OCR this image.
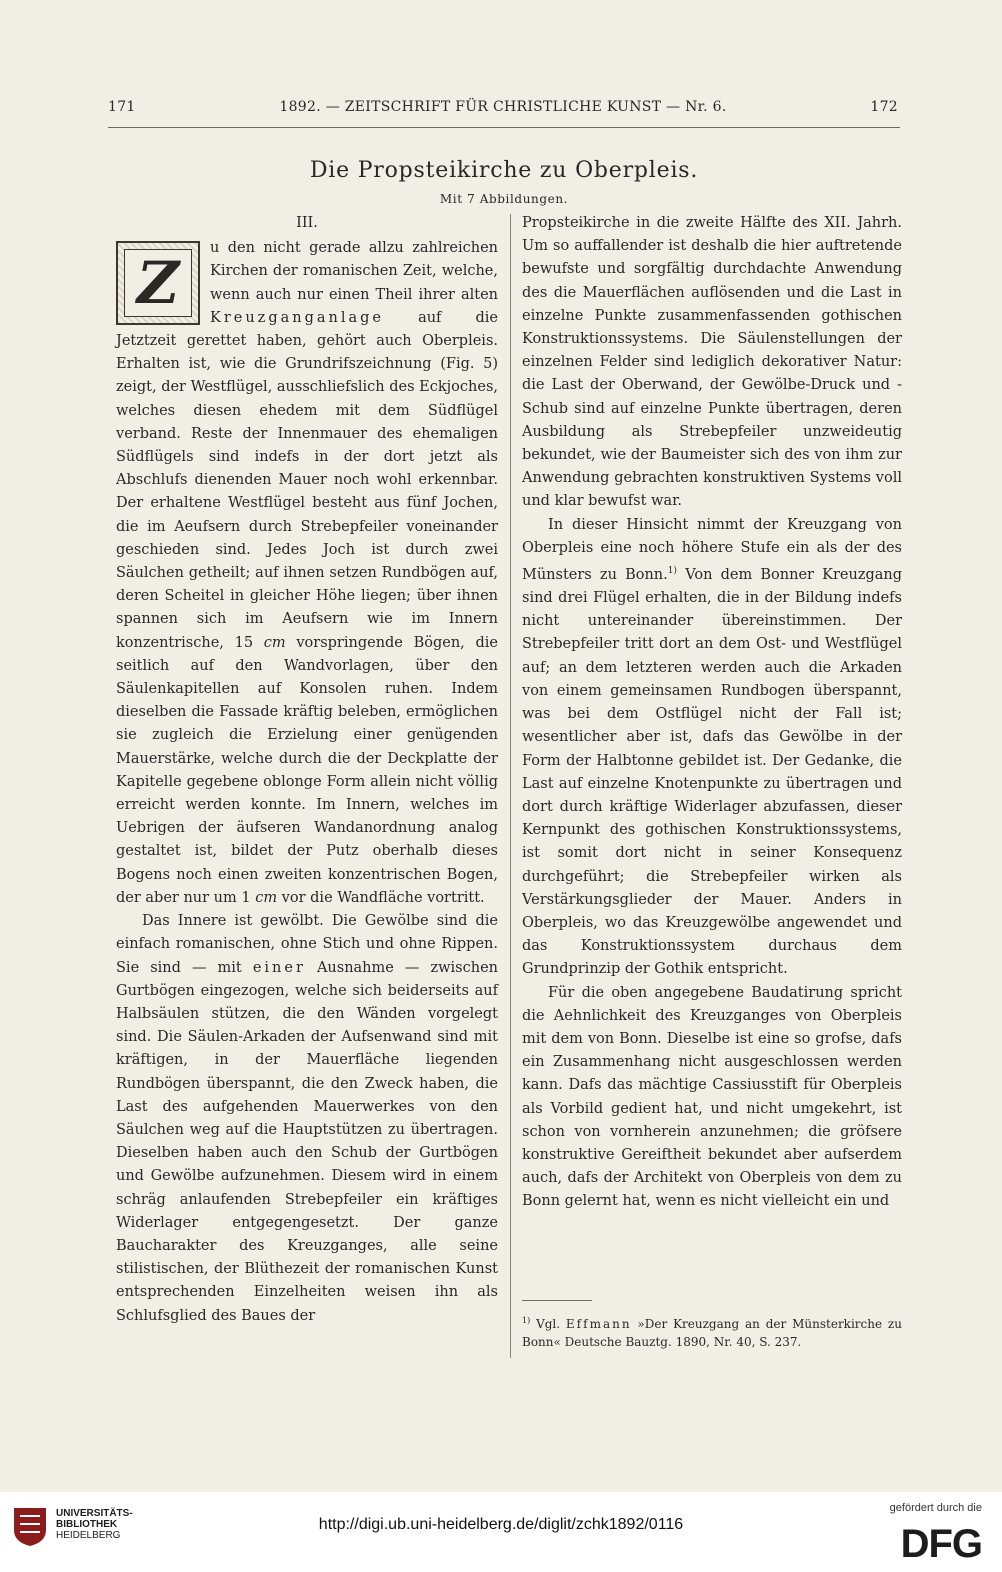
171	1892. — ZEITSCHRIFT FÜR CHRISTLICHE KUNST — Nr. 6.	172
Die Propsteikirche zu Oberpleis.
Mit 7 Abbildungen.

III.

Z
u den nicht gerade allzu zahlreichen Kirchen der romanischen Zeit, welche, wenn auch nur einen Theil ihrer alten Kreuzganganlage auf die Jetztzeit gerettet haben, gehört auch Oberpleis. Erhalten ist, wie die Grundrifszeichnung (Fig. 5) zeigt, der Westflügel, ausschliefslich des Eckjoches, welches diesen ehedem mit dem Südflügel verband. Reste der Innenmauer des ehemaligen Südflügels sind indefs in der dort jetzt als Abschlufs dienenden Mauer noch wohl erkennbar. Der erhaltene Westflügel besteht aus fünf Jochen, die im Aeufsern durch Strebepfeiler voneinander geschieden sind. Jedes Joch ist durch zwei Säulchen getheilt; auf ihnen setzen Rundbögen auf, deren Scheitel in gleicher Höhe liegen; über ihnen spannen sich im Aeufsern wie im Innern konzentrische, 15 cm vorspringende Bögen, die seitlich auf den Wandvorlagen, über den Säulenkapitellen auf Konsolen ruhen. Indem dieselben die Fassade kräftig beleben, ermöglichen sie zugleich die Erzielung einer genügenden Mauerstärke, welche durch die der Deckplatte der Kapitelle gegebene oblonge Form allein nicht völlig erreicht werden konnte. Im Innern, welches im Uebrigen der äufseren Wandanordnung analog gestaltet ist, bildet der Putz oberhalb dieses Bogens noch einen zweiten konzentrischen Bogen, der aber nur um 1 cm vor die Wandfläche vortritt.

Das Innere ist gewölbt. Die Gewölbe sind die einfach romanischen, ohne Stich und ohne Rippen. Sie sind — mit einer Ausnahme — zwischen Gurtbögen eingezogen, welche sich beiderseits auf Halbsäulen stützen, die den Wänden vorgelegt sind. Die Säulen-Arkaden der Aufsenwand sind mit kräftigen, in der Mauerfläche liegenden Rundbögen überspannt, die den Zweck haben, die Last des aufgehenden Mauerwerkes von den Säulchen weg auf die Hauptstützen zu übertragen. Dieselben haben auch den Schub der Gurtbögen und Gewölbe aufzunehmen. Diesem wird in einem schräg anlaufenden Strebepfeiler ein kräftiges Widerlager entgegengesetzt. Der ganze Baucharakter des Kreuzganges, alle seine stilistischen, der Blüthezeit der romanischen Kunst entsprechenden Einzelheiten weisen ihn als Schlufsglied des Baues der

Propsteikirche in die zweite Hälfte des XII. Jahrh. Um so auffallender ist deshalb die hier auftretende bewufste und sorgfältig durchdachte Anwendung des die Mauerflächen auflösenden und die Last in einzelne Punkte zusammenfassenden gothischen Konstruktionssystems. Die Säulenstellungen der einzelnen Felder sind lediglich dekorativer Natur: die Last der Oberwand, der Gewölbe-Druck und -Schub sind auf einzelne Punkte übertragen, deren Ausbildung als Strebepfeiler unzweideutig bekundet, wie der Baumeister sich des von ihm zur Anwendung gebrachten konstruktiven Systems voll und klar bewufst war.

In dieser Hinsicht nimmt der Kreuzgang von Oberpleis eine noch höhere Stufe ein als der des Münsters zu Bonn.$^{1)}$ Von dem Bonner Kreuzgang sind drei Flügel erhalten, die in der Bildung indefs nicht untereinander übereinstimmen. Der Strebepfeiler tritt dort an dem Ost- und Westflügel auf; an dem letzteren werden auch die Arkaden von einem gemeinsamen Rundbogen überspannt, was bei dem Ostflügel nicht der Fall ist; wesentlicher aber ist, dafs das Gewölbe in der Form der Halbtonne gebildet ist. Der Gedanke, die Last auf einzelne Knotenpunkte zu übertragen und dort durch kräftige Widerlager abzufassen, dieser Kernpunkt des gothischen Konstruktionssystems, ist somit dort nicht in seiner Konsequenz durchgeführt; die Strebepfeiler wirken als Verstärkungsglieder der Mauer. Anders in Oberpleis, wo das Kreuzgewölbe angewendet und das Konstruktionssystem durchaus dem Grundprinzip der Gothik entspricht.

Für die oben angegebene Baudatirung spricht die Aehnlichkeit des Kreuzganges von Oberpleis mit dem von Bonn. Dieselbe ist eine so grofse, dafs ein Zusammenhang nicht ausgeschlossen werden kann. Dafs das mächtige Cassiusstift für Oberpleis als Vorbild gedient hat, und nicht umgekehrt, ist schon von vornherein anzunehmen; die gröfsere konstruktive Gereiftheit bekundet aber aufserdem auch, dafs der Architekt von Oberpleis von dem zu Bonn gelernt hat, wenn es nicht vielleicht ein und

$^{1)}$ Vgl. Effmann »Der Kreuzgang an der Münsterkirche zu Bonn« Deutsche Bauztg. 1890, Nr. 40, S. 237.
UNIVERSITÄTS-
BIBLIOTHEK
HEIDELBERG
http://digi.ub.uni-heidelberg.de/diglit/zchk1892/0116
gefördert durch die
DFG
